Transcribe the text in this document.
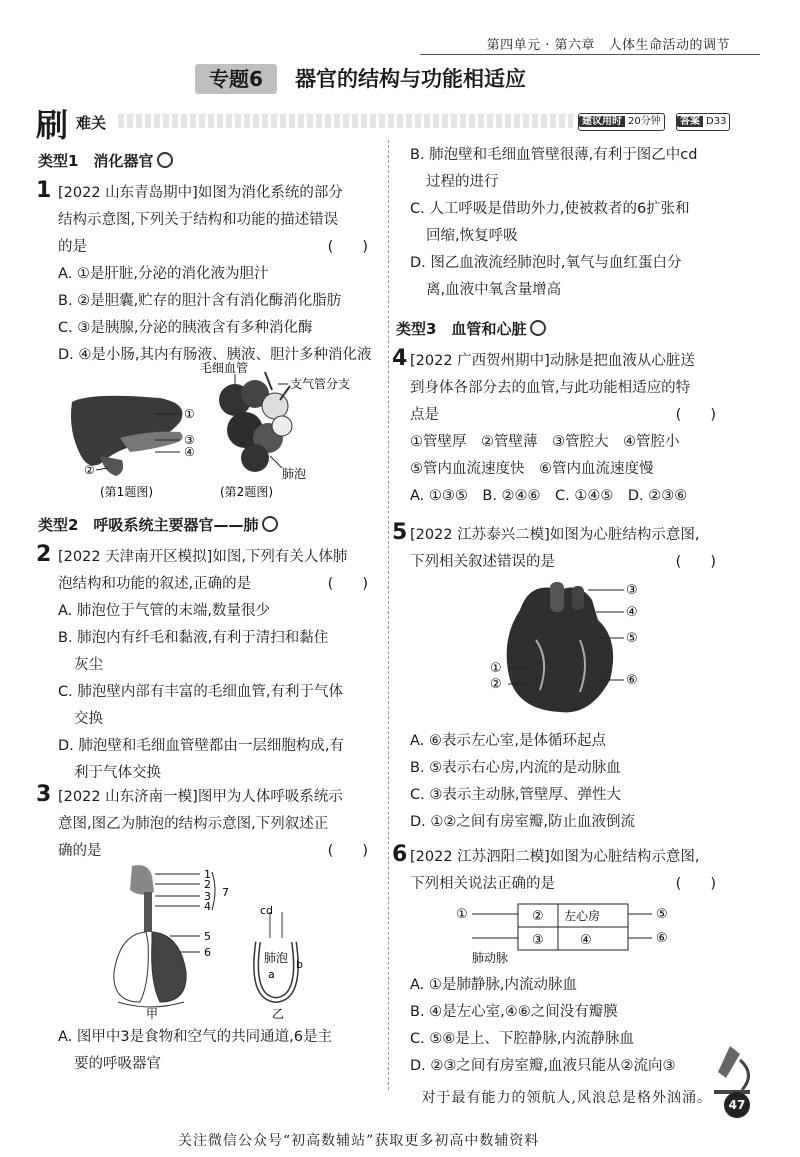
第四单元 · 第六章　人体生命活动的调节
专题6	器官的结构与功能相适应
刷 难关	建议用时 20分钟	答案 D33
类型1　消化器官
1 [2022 山东青岛期中]如图为消化系统的部分
结构示意图,下列关于结构和功能的描述错误
的是	(　　)
A. ①是肝脏,分泌的消化液为胆汁
B. ②是胆囊,贮存的胆汁含有消化酶消化脂肪
C. ③是胰腺,分泌的胰液含有多种消化酶
D. ④是小肠,其内有肠液、胰液、胆汁多种消化液
①
②
③
④
(第1题图)
毛细血管
支气管分支
肺泡
(第2题图)
类型2　呼吸系统主要器官——肺
2 [2022 天津南开区模拟]如图,下列有关人体肺
泡结构和功能的叙述,正确的是	(　　)
A. 肺泡位于气管的末端,数量很少
B. 肺泡内有纤毛和黏液,有利于清扫和黏住
灰尘
C. 肺泡壁内部有丰富的毛细血管,有利于气体
交换
D. 肺泡壁和毛细血管壁都由一层细胞构成,有
利于气体交换
3 [2022 山东济南一模]图甲为人体呼吸系统示
意图,图乙为肺泡的结构示意图,下列叙述正
确的是	(　　)
1
2
3
4
5
6
7
甲
cd
肺泡
a
b
乙
A. 图甲中3是食物和空气的共同通道,6是主
要的呼吸器官
B. 肺泡壁和毛细血管壁很薄,有利于图乙中cd
过程的进行
C. 人工呼吸是借助外力,使被救者的6扩张和
回缩,恢复呼吸
D. 图乙血液流经肺泡时,氧气与血红蛋白分
离,血液中氧含量增高
类型3　血管和心脏
4 [2022 广西贺州期中]动脉是把血液从心脏送
到身体各部分去的血管,与此功能相适应的特
点是	(　　)
①管壁厚　②管壁薄　③管腔大　④管腔小
⑤管内血流速度快　⑥管内血流速度慢
A. ①③⑤　B. ②④⑥　C. ①④⑤　D. ②③⑥
5 [2022 江苏泰兴二模]如图为心脏结构示意图,
下列相关叙述错误的是	(　　)
③
④
⑤
⑥
①
②
A. ⑥表示左心室,是体循环起点
B. ⑤表示右心房,内流的是动脉血
C. ③表示主动脉,管壁厚、弹性大
D. ①②之间有房室瓣,防止血液倒流
6 [2022 江苏泗阳二模]如图为心脏结构示意图,
下列相关说法正确的是	(　　)
①	② 左心房	⑤
③	④	⑥
肺动脉
A. ①是肺静脉,内流动脉血
B. ④是左心室,④⑥之间没有瓣膜
C. ⑤⑥是上、下腔静脉,内流静脉血
D. ②③之间有房室瓣,血液只能从②流向③
对于最有能力的领航人,风浪总是格外汹涌。	47
关注微信公众号“初高数辅站”获取更多初高中数辅资料
